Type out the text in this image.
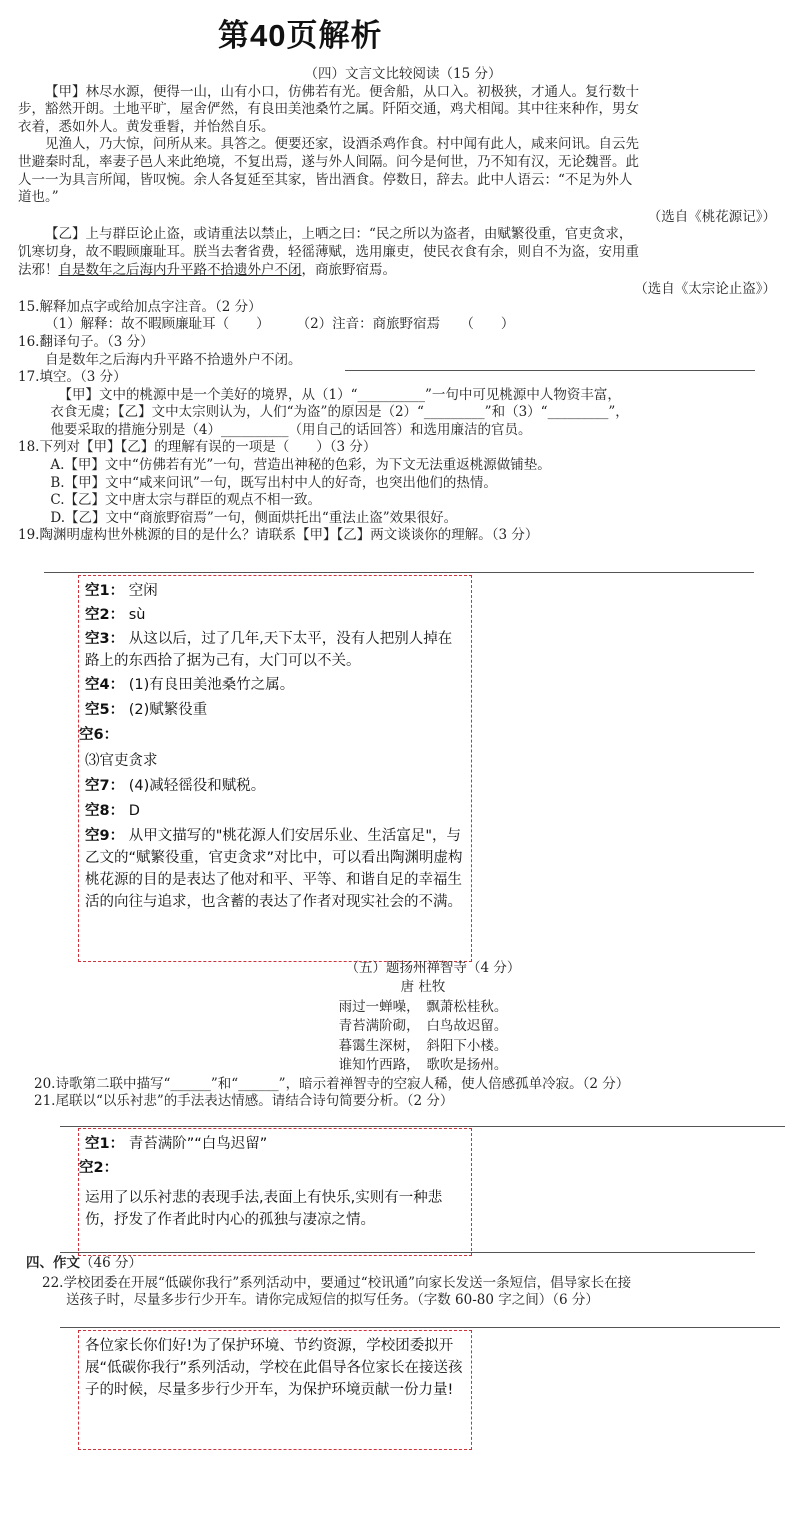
第40页解析

（四）文言文比较阅读（15 分）

【甲】林尽水源，便得一山，山有小口，仿佛若有光。便舍船，从口入。初极狭，才通人。复行数十

步，豁然开朗。土地平旷，屋舍俨然，有良田美池桑竹之属。阡陌交通，鸡犬相闻。其中往来种作，男女

衣着，悉如外人。黄发垂髫，并怡然自乐。

见渔人，乃大惊，问所从来。具答之。便要还家，设酒杀鸡作食。村中闻有此人，咸来问讯。自云先

世避秦时乱，率妻子邑人来此绝境，不复出焉，遂与外人间隔。问今是何世，乃不知有汉，无论魏晋。此

人一一为具言所闻，皆叹惋。余人各复延至其家，皆出酒食。停数日，辞去。此中人语云：“不足为外人

道也。”

（选自《桃花源记》）

【乙】上与群臣论止盗，或请重法以禁止，上哂之曰：“民之所以为盗者，由赋繁役重，官吏贪求，

饥寒切身，故不暇顾廉耻耳。朕当去奢省费，轻徭薄赋，选用廉吏，使民衣食有余，则自不为盗，安用重

法邪！自是数年之后海内升平路不拾遗外户不闭，商旅野宿焉。

（选自《太宗论止盗》）

15.解释加点字或给加点字注音。（2 分）

（1）解释：故不暇顾廉耻耳（　　）　　　（2）注音：商旅野宿焉　　（　　）

16.翻译句子。（3 分）

自是数年之后海内升平路不拾遗外户不闭。

17.填空。（3 分）

【甲】文中的桃源中是一个美好的境界，从（1）“__________”一句中可见桃源中人物资丰富，

衣食无虞；【乙】文中太宗则认为，人们“为盗”的原因是（2）“_________”和（3）“_________”，

他要采取的措施分别是（4）__________（用自己的话回答）和选用廉洁的官员。

18.下列对【甲】【乙】的理解有误的一项是（　　）（3 分）

A.【甲】文中“仿佛若有光”一句，营造出神秘的色彩，为下文无法重返桃源做铺垫。

B.【甲】文中“咸来问讯”一句，既写出村中人的好奇，也突出他们的热情。

C.【乙】文中唐太宗与群臣的观点不相一致。

D.【乙】文中“商旅野宿焉”一句，侧面烘托出“重法止盗”效果很好。

19.陶渊明虚构世外桃源的目的是什么？请联系【甲】【乙】两文谈谈你的理解。（3 分）

空1： 空闲

空2： sù

空3： 从这以后，过了几年,天下太平，没有人把别人掉在路上的东西拾了据为己有，大门可以不关。

空4： (1)有良田美池桑竹之属。

空5： (2)赋繁役重

空6：

⑶官吏贪求

空7： (4)减轻徭役和赋税。

空8： D

空9： 从甲文描写的"桃花源人们安居乐业、生活富足"，与乙文的“赋繁役重，官吏贪求”对比中，可以看出陶渊明虚构桃花源的目的是表达了他对和平、平等、和谐自足的幸福生活的向往与追求，也含蓄的表达了作者对现实社会的不满。

（五）题扬州禅智寺（4 分）

唐 杜牧

雨过一蝉噪，　飘萧松桂秋。

青苔满阶砌，　白鸟故迟留。

暮霭生深树，　斜阳下小楼。

谁知竹西路，　歌吹是扬州。

20.诗歌第二联中描写“______”和“______”，暗示着禅智寺的空寂人稀，使人倍感孤单冷寂。（2 分）

21.尾联以“以乐衬悲”的手法表达情感。请结合诗句简要分析。（2 分）

空1： 青苔满阶”“白鸟迟留”

空2：

运用了以乐衬悲的表现手法,表面上有快乐,实则有一种悲伤，抒发了作者此时内心的孤独与凄凉之情。

四、作文（46 分）

22.学校团委在开展“低碳你我行”系列活动中，要通过“校讯通”向家长发送一条短信，倡导家长在接

送孩子时，尽量多步行少开车。请你完成短信的拟写任务。（字数 60-80 字之间）（6 分）

各位家长你们好!为了保护环境、节约资源，学校团委拟开展“低碳你我行”系列活动，学校在此倡导各位家长在接送孩子的时候，尽量多步行少开车，为保护环境贡献一份力量!
